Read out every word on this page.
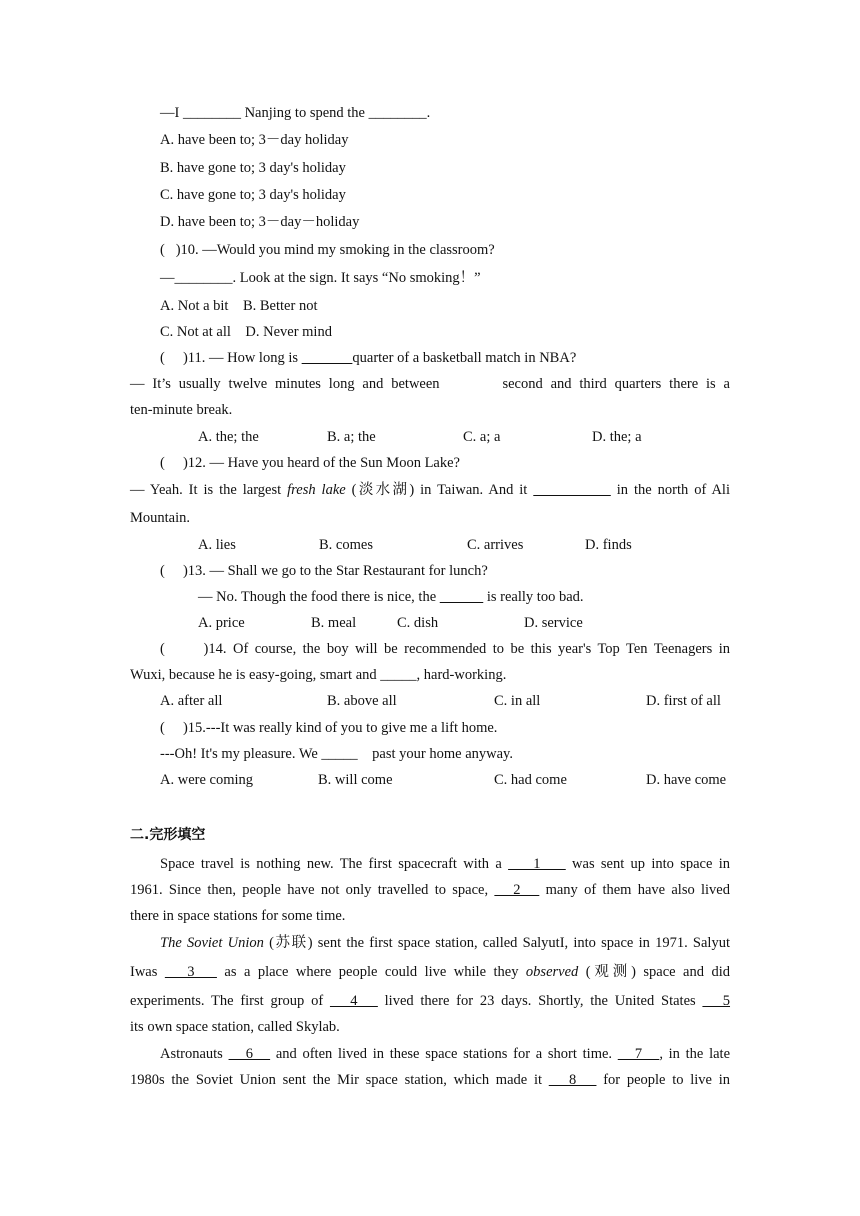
—I ________ Nanjing to spend the ________.
A. have been to; 3－day holiday
B. have gone to; 3 day's holiday
C. have gone to; 3 day's holiday
D. have been to; 3－day－holiday
(   )10. —Would you mind my smoking in the classroom?
—________. Look at the sign. It says “No smoking！”
A. Not a bit    B. Better not
C. Not at all    D. Never mind
(     )11. — How long is	quarter of a basketball match in NBA?
— It’s usually twelve minutes long and between        second and third quarters there is a
ten-minute break.
A. the; the	B. a; the	C. a; a	D. the; a
(     )12. — Have you heard of the Sun Moon Lake?
— Yeah. It is the largest fresh lake (淡水湖) in Taiwan. And it	in the north of Ali
Mountain.
A. lies	B. comes	C. arrives	D. finds
(     )13. — Shall we go to the Star Restaurant for lunch?
— No. Though the food there is nice, the	is really too bad.
A. price	B. meal	C. dish	D. service
(      )14. Of course, the boy will be recommended to be this year's Top Ten Teenagers in
Wuxi, because he is easy-going, smart and _____, hard-working.
A. after all	B. above all	C. in all	D. first of all
(     )15.---It was really kind of you to give me a lift home.
---Oh! It's my pleasure. We _____    past your home anyway.
A. were coming	B. will come	C. had come	D. have come
二.完形填空
Space travel is nothing new. The first spacecraft with a     1     was sent up into space in
1961. Since then, people have not only travelled to space,    2    many of them have also lived
there in space stations for some time.
The Soviet Union (苏联) sent the first space station, called SalyutI, into space in 1971. Salyut
Iwas    3    as a place where people could live while they observed (观测) space and did
experiments. The first group of    4    lived there for 23 days. Shortly, the United States    5
its own space station, called Skylab.
Astronauts    6    and often lived in these space stations for a short time.    7   , in the late
1980s the Soviet Union sent the Mir space station, which made it    8    for people to live in
